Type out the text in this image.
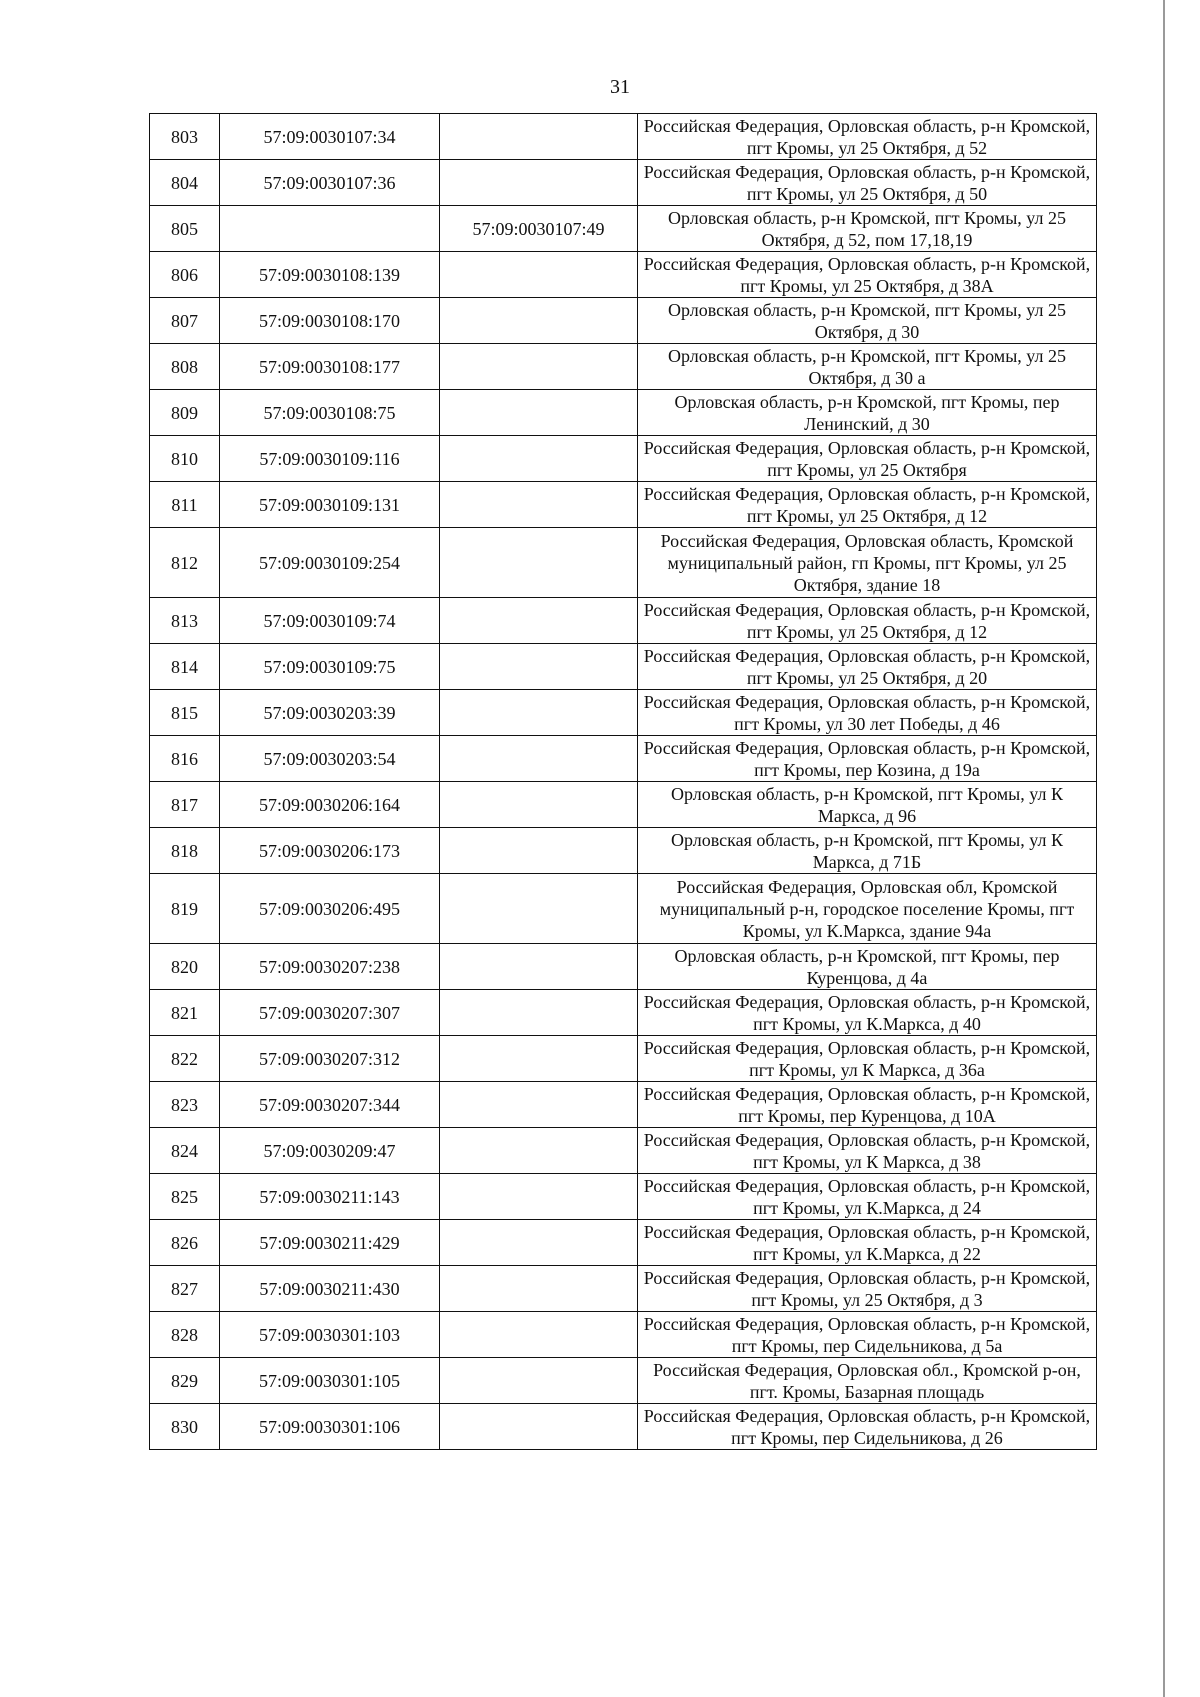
31
803	57:09:0030107:34		Российская Федерация, Орловская область, р-н Кромской, пгт Кромы, ул 25 Октября, д 52
804	57:09:0030107:36		Российская Федерация, Орловская область, р-н Кромской, пгт Кромы, ул 25 Октября, д 50
805		57:09:0030107:49	Орловская область, р-н Кромской, пгт Кромы, ул 25 Октября, д 52, пом 17,18,19
806	57:09:0030108:139		Российская Федерация, Орловская область, р-н Кромской, пгт Кромы, ул 25 Октября, д 38А
807	57:09:0030108:170		Орловская область, р-н Кромской, пгт Кромы, ул 25 Октября, д 30
808	57:09:0030108:177		Орловская область, р-н Кромской, пгт Кромы, ул 25 Октября, д 30 а
809	57:09:0030108:75		Орловская область, р-н Кромской, пгт Кромы, пер Ленинский, д 30
810	57:09:0030109:116		Российская Федерация, Орловская область, р-н Кромской, пгт Кромы, ул 25 Октября
811	57:09:0030109:131		Российская Федерация, Орловская область, р-н Кромской, пгт Кромы, ул 25 Октября, д 12
812	57:09:0030109:254		Российская Федерация, Орловская область, Кромской муниципальный район, гп Кромы, пгт Кромы, ул 25 Октября, здание 18
813	57:09:0030109:74		Российская Федерация, Орловская область, р-н Кромской, пгт Кромы, ул 25 Октября, д 12
814	57:09:0030109:75		Российская Федерация, Орловская область, р-н Кромской, пгт Кромы, ул 25 Октября, д 20
815	57:09:0030203:39		Российская Федерация, Орловская область, р-н Кромской, пгт Кромы, ул 30 лет Победы, д 46
816	57:09:0030203:54		Российская Федерация, Орловская область, р-н Кромской, пгт Кромы, пер Козина, д 19а
817	57:09:0030206:164		Орловская область, р-н Кромской, пгт Кромы, ул К Маркса, д 96
818	57:09:0030206:173		Орловская область, р-н Кромской, пгт Кромы, ул К Маркса, д 71Б
819	57:09:0030206:495		Российская Федерация, Орловская обл, Кромской муниципальный р-н, городское поселение Кромы, пгт Кромы, ул К.Маркса, здание 94а
820	57:09:0030207:238		Орловская область, р-н Кромской, пгт Кромы, пер Куренцова, д 4а
821	57:09:0030207:307		Российская Федерация, Орловская область, р-н Кромской, пгт Кромы, ул К.Маркса, д 40
822	57:09:0030207:312		Российская Федерация, Орловская область, р-н Кромской, пгт Кромы, ул К Маркса, д 36а
823	57:09:0030207:344		Российская Федерация, Орловская область, р-н Кромской, пгт Кромы, пер Куренцова, д 10А
824	57:09:0030209:47		Российская Федерация, Орловская область, р-н Кромской, пгт Кромы, ул К Маркса, д 38
825	57:09:0030211:143		Российская Федерация, Орловская область, р-н Кромской, пгт Кромы, ул К.Маркса, д 24
826	57:09:0030211:429		Российская Федерация, Орловская область, р-н Кромской, пгт Кромы, ул К.Маркса, д 22
827	57:09:0030211:430		Российская Федерация, Орловская область, р-н Кромской, пгт Кромы, ул 25 Октября, д 3
828	57:09:0030301:103		Российская Федерация, Орловская область, р-н Кромской, пгт Кромы, пер Сидельникова, д 5а
829	57:09:0030301:105		Российская Федерация, Орловская обл., Кромской р-он, пгт. Кромы, Базарная площадь
830	57:09:0030301:106		Российская Федерация, Орловская область, р-н Кромской, пгт Кромы, пер Сидельникова, д 26
